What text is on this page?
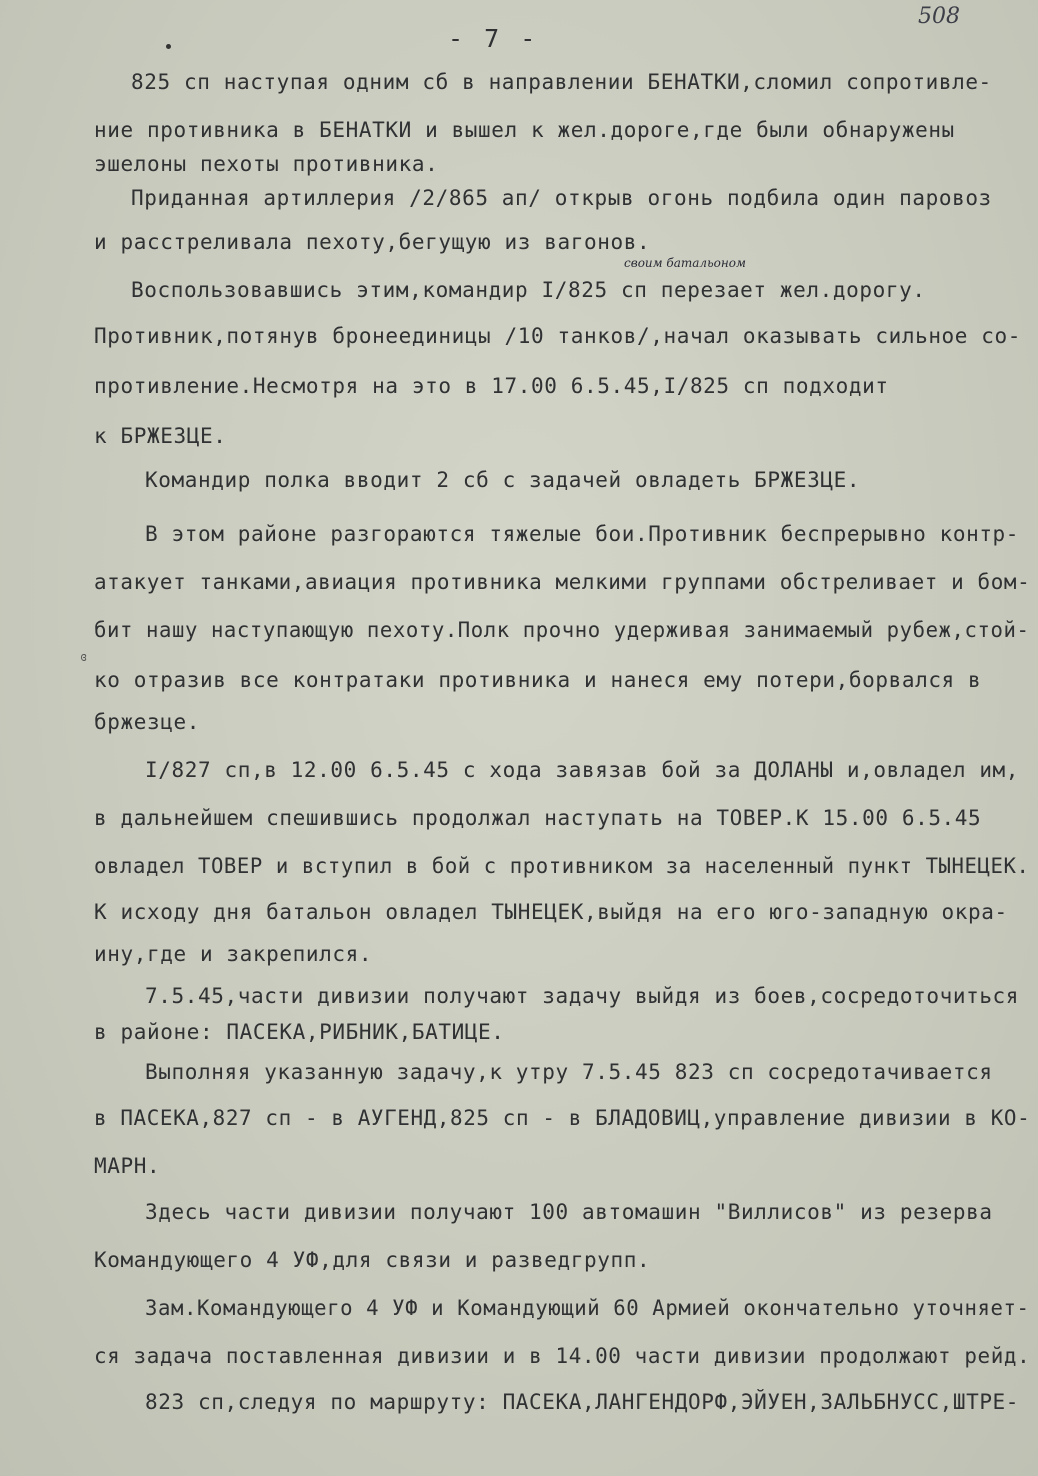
- 7 -
508
своим батальоном
ɞ
825 сп наступая одним сб в направлении БЕНАТКИ,сломил сопротивле-
ние противника в БЕНАТКИ и вышел к жел.дороге,где были обнаружены
эшелоны пехоты противника.
Приданная артиллерия /2/865 ап/ открыв огонь подбила один паровоз
и расстреливала пехоту,бегущую из вагонов.
Воспользовавшись этим,командир I/825 сп перезает жел.дорогу.
Противник,потянув бронеединицы /10 танков/,начал оказывать сильное со-
противление.Несмотря на это в 17.00 6.5.45,I/825 сп подходит
к БРЖЕЗЦЕ.
Командир полка вводит 2 сб с задачей овладеть БРЖЕЗЦЕ.
В этом районе разгораются тяжелые бои.Противник беспрерывно контр-
атакует танками,авиация противника мелкими группами обстреливает и бом-
бит нашу наступающую пехоту.Полк прочно удерживая занимаемый рубеж,стой-
ко отразив все контратаки противника и нанеся ему потери,борвался в
бржезце.
I/827 сп,в 12.00 6.5.45 с хода завязав бой за ДОЛАНЫ и,овладел им,
в дальнейшем спешившись продолжал наступать на ТОВЕР.К 15.00 6.5.45
овладел ТОВЕР и вступил в бой с противником за населенный пункт ТЫНЕЦЕК.
К исходу дня батальон овладел ТЫНЕЦЕК,выйдя на его юго-западную окра-
ину,где и закрепился.
7.5.45,части дивизии получают задачу выйдя из боев,сосредоточиться
в районе: ПАСЕКА,РИБНИК,БАТИЦЕ.
Выполняя указанную задачу,к утру 7.5.45 823 сп сосредотачивается
в ПАСЕКА,827 сп - в АУГЕНД,825 сп - в БЛАДОВИЦ,управление дивизии в КО-
МАРН.
Здесь части дивизии получают 100 автомашин "Виллисов" из резерва
Командующего 4 УФ,для связи и разведгрупп.
Зам.Командующего 4 УФ и Командующий 60 Армией окончательно уточняет-
ся задача поставленная дивизии и в 14.00 части дивизии продолжают рейд.
823 сп,следуя по маршруту: ПАСЕКА,ЛАНГЕНДОРФ,ЭЙУЕН,ЗАЛЬБНУСС,ШТРЕ-
